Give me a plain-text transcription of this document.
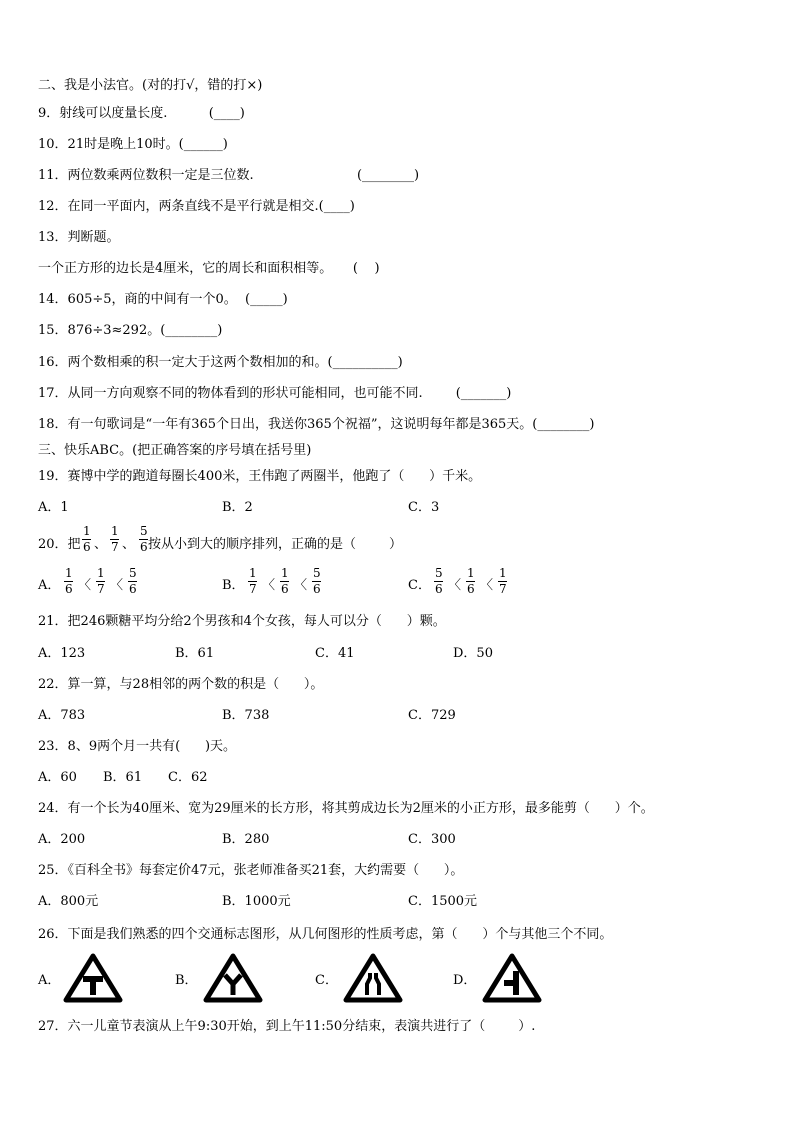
二、我是小法官。(对的打√，错的打×)
9．射线可以度量长度.          (____)
10．21时是晚上10时。(______)
11．两位数乘两位数积一定是三位数.                         (________)
12．在同一平面内，两条直线不是平行就是相交.(____)
13．判断题。
一个正方形的边长是4厘米，它的周长和面积相等。     (    )
14．605÷5，商的中间有一个0。  (_____)
15．876÷3≈292。(________)
16．两个数相乘的积一定大于这两个数相加的和。(__________)
17．从同一方向观察不同的物体看到的形状可能相同，也可能不同.        (_______)
18．有一句歌词是“一年有365个日出，我送你365个祝福”，这说明每年都是365天。(________)
三、快乐ABC。(把正确答案的序号填在括号里)
19．赛博中学的跑道每圈长400米，王伟跑了两圈半，他跑了（      ）千米。
A．1	B．2	C．3
20．把
1
6 、
1
7 、
5
6 按从小到大的顺序排列，正确的是（        ）
A．
1
6 〈
1
7 〈
5
6	B．
1
7 〈
1
6 〈
5
6	C．
5
6 〈
1
6 〈
1
7
21．把246颗糖平均分给2个男孩和4个女孩，每人可以分（      ）颗。
A．123	B．61	C．41	D．50
22．算一算，与28相邻的两个数的积是（      ）。
A．783	B．738	C．729
23．8、9两个月一共有(      )天。
A．60 B．61 C．62
24．有一个长为40厘米、宽为29厘米的长方形，将其剪成边长为2厘米的小正方形，最多能剪（      ）个。
A．200	B．280	C．300
25．《百科全书》每套定价47元，张老师准备买21套，大约需要（      ）。
A．800元	B．1000元	C．1500元
26．下面是我们熟悉的四个交通标志图形，从几何图形的性质考虑，第（      ）个与其他三个不同。
A．	B．	C．	D．
27．六一儿童节表演从上午9:30开始，到上午11:50分结束，表演共进行了（        ）.
